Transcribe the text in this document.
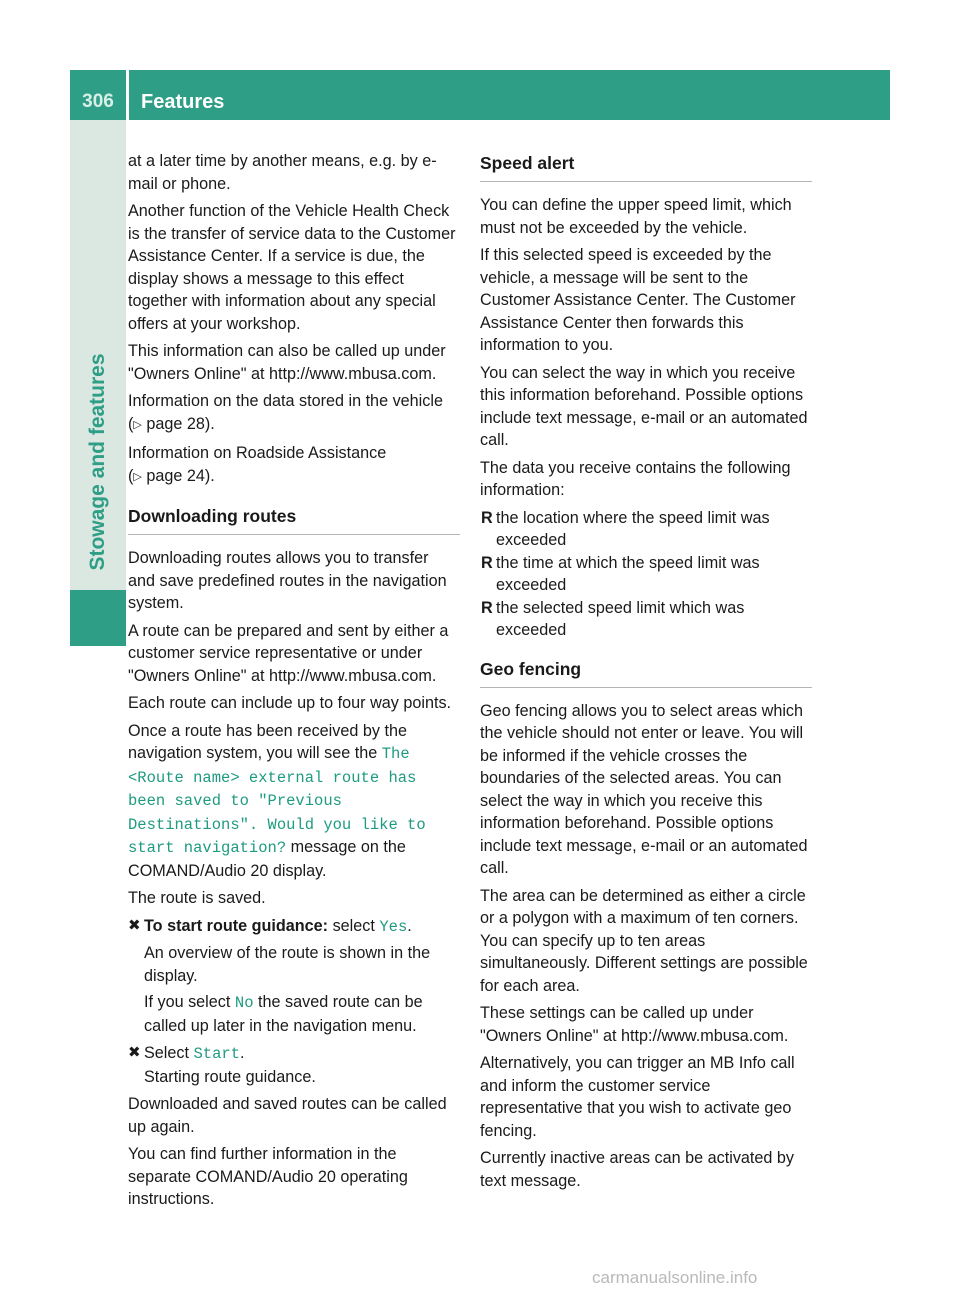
306	Features
Stowage and features

at a later time by another means, e.g. by e-mail or phone.

Another function of the Vehicle Health Check is the transfer of service data to the Customer Assistance Center. If a service is due, the display shows a message to this effect together with information about any special offers at your workshop.

This information can also be called up under "Owners Online" at http://www.mbusa.com.

Information on the data stored in the vehicle
(▷ page 28).

Information on Roadside Assistance
(▷ page 24).

Downloading routes

Downloading routes allows you to transfer and save predefined routes in the navigation system.

A route can be prepared and sent by either a customer service representative or under "Owners Online" at http://www.mbusa.com.

Each route can include up to four way points.

Once a route has been received by the navigation system, you will see the The <Route name> external route has been saved to "Previous Destinations". Would you like to start navigation? message on the COMAND/Audio 20 display.

The route is saved.

✖ To start route guidance: select Yes.

An overview of the route is shown in the display.

If you select No the saved route can be called up later in the navigation menu.

✖ Select Start.
Starting route guidance.

Downloaded and saved routes can be called up again.

You can find further information in the separate COMAND/Audio 20 operating instructions.

Speed alert

You can define the upper speed limit, which must not be exceeded by the vehicle.

If this selected speed is exceeded by the vehicle, a message will be sent to the Customer Assistance Center. The Customer Assistance Center then forwards this information to you.

You can select the way in which you receive this information beforehand. Possible options include text message, e-mail or an automated call.

The data you receive contains the following information:

R the location where the speed limit was exceeded
R the time at which the speed limit was exceeded
R the selected speed limit which was exceeded
Geo fencing

Geo fencing allows you to select areas which the vehicle should not enter or leave. You will be informed if the vehicle crosses the boundaries of the selected areas. You can select the way in which you receive this information beforehand. Possible options include text message, e-mail or an automated call.

The area can be determined as either a circle or a polygon with a maximum of ten corners. You can specify up to ten areas simultaneously. Different settings are possible for each area.

These settings can be called up under "Owners Online" at http://www.mbusa.com.

Alternatively, you can trigger an MB Info call and inform the customer service representative that you wish to activate geo fencing.

Currently inactive areas can be activated by text message.

carmanualsonline.info
